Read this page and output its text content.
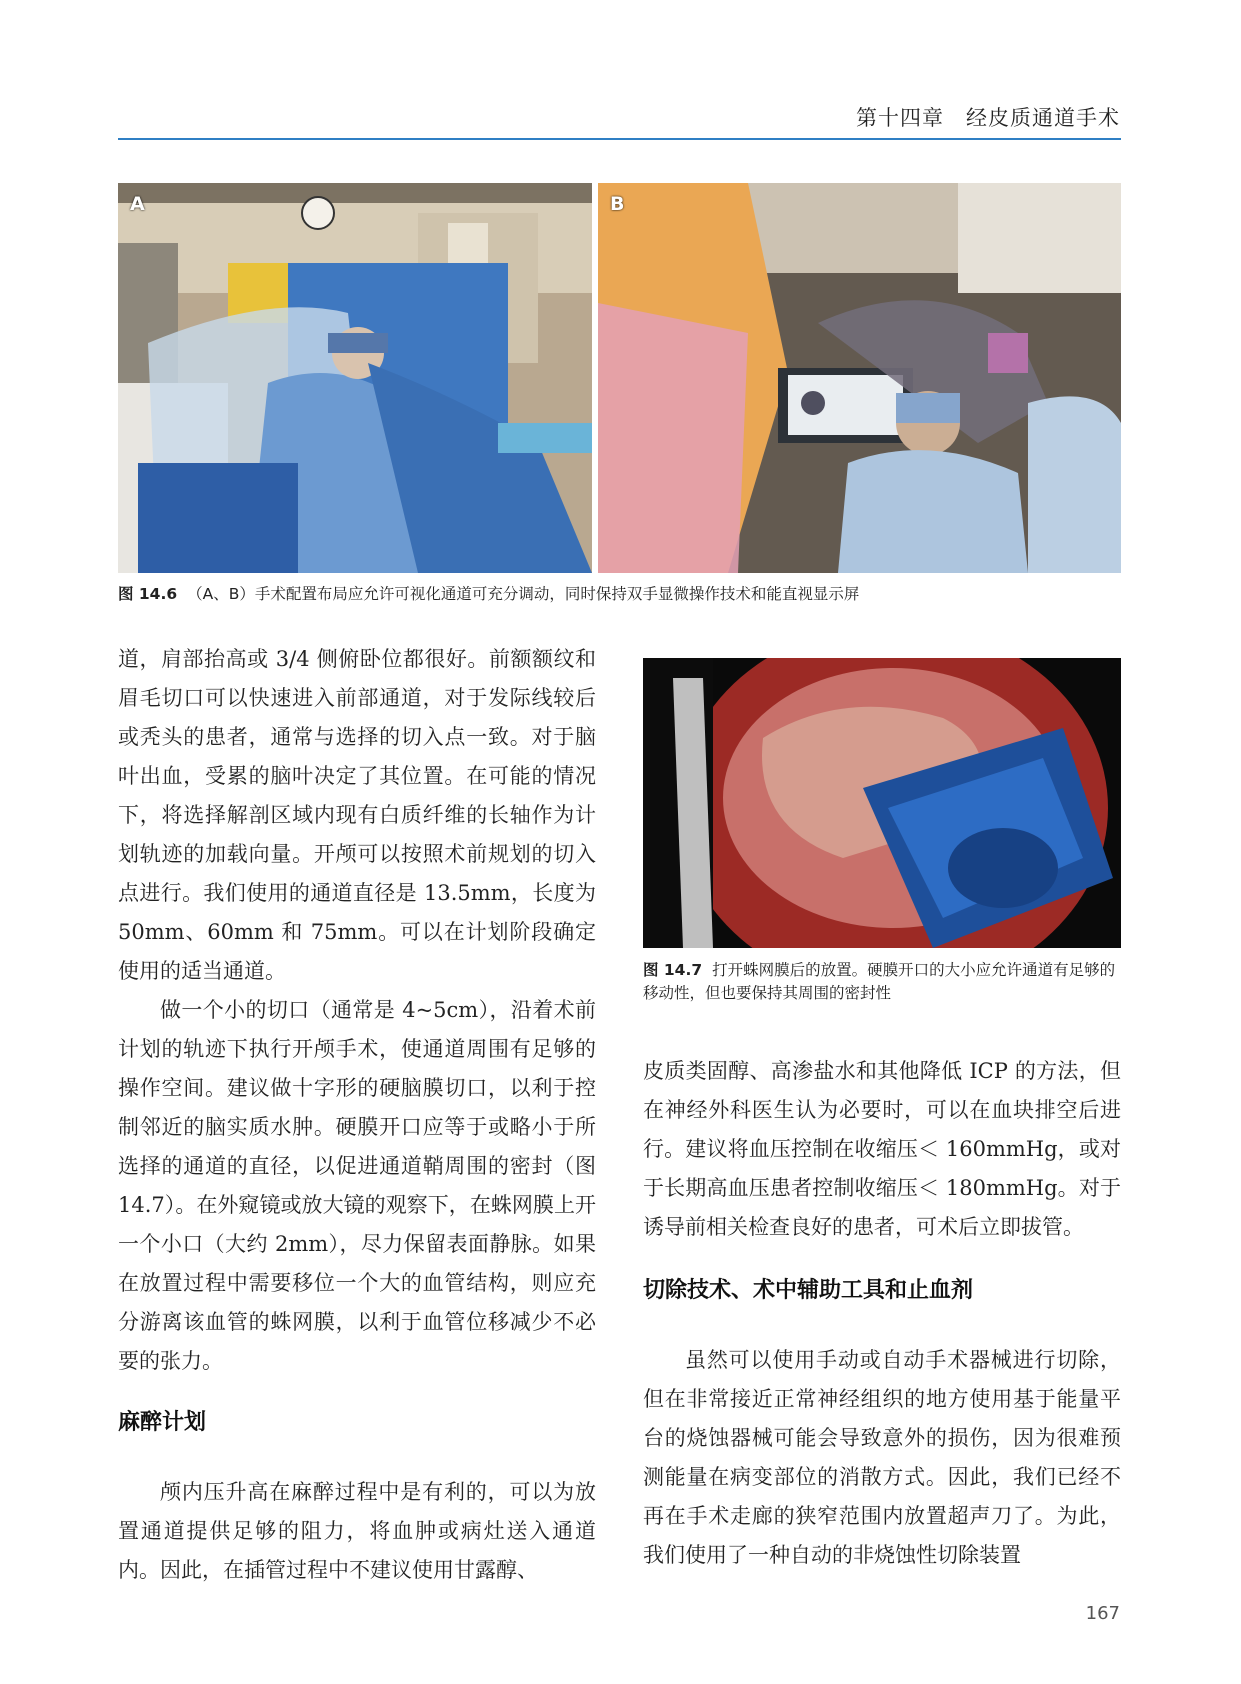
第十四章　经皮质通道手术
A	B
图 14.6 （A、B）手术配置布局应允许可视化通道可充分调动，同时保持双手显微操作技术和能直视显示屏

道，肩部抬高或 3/4 侧俯卧位都很好。前额额纹和眉毛切口可以快速进入前部通道，对于发际线较后或秃头的患者，通常与选择的切入点一致。对于脑叶出血，受累的脑叶决定了其位置。在可能的情况下，将选择解剖区域内现有白质纤维的长轴作为计划轨迹的加载向量。开颅可以按照术前规划的切入点进行。我们使用的通道直径是 13.5mm，长度为 50mm、60mm 和 75mm。可以在计划阶段确定使用的适当通道。

做一个小的切口（通常是 4~5cm），沿着术前计划的轨迹下执行开颅手术，使通道周围有足够的操作空间。建议做十字形的硬脑膜切口，以利于控制邻近的脑实质水肿。硬膜开口应等于或略小于所选择的通道的直径，以促进通道鞘周围的密封（图 14.7）。在外窥镜或放大镜的观察下，在蛛网膜上开一个小口（大约 2mm），尽力保留表面静脉。如果在放置过程中需要移位一个大的血管结构，则应充分游离该血管的蛛网膜，以利于血管位移减少不必要的张力。

麻醉计划

颅内压升高在麻醉过程中是有利的，可以为放置通道提供足够的阻力，将血肿或病灶送入通道内。因此，在插管过程中不建议使用甘露醇、

图 14.7 打开蛛网膜后的放置。硬膜开口的大小应允许通道有足够的移动性，但也要保持其周围的密封性

皮质类固醇、高渗盐水和其他降低 ICP 的方法，但在神经外科医生认为必要时，可以在血块排空后进行。建议将血压控制在收缩压＜ 160mmHg，或对于长期高血压患者控制收缩压＜ 180mmHg。对于诱导前相关检查良好的患者，可术后立即拔管。

切除技术、术中辅助工具和止血剂

虽然可以使用手动或自动手术器械进行切除，但在非常接近正常神经组织的地方使用基于能量平台的烧蚀器械可能会导致意外的损伤，因为很难预测能量在病变部位的消散方式。因此，我们已经不再在手术走廊的狭窄范围内放置超声刀了。为此，我们使用了一种自动的非烧蚀性切除装置

167
